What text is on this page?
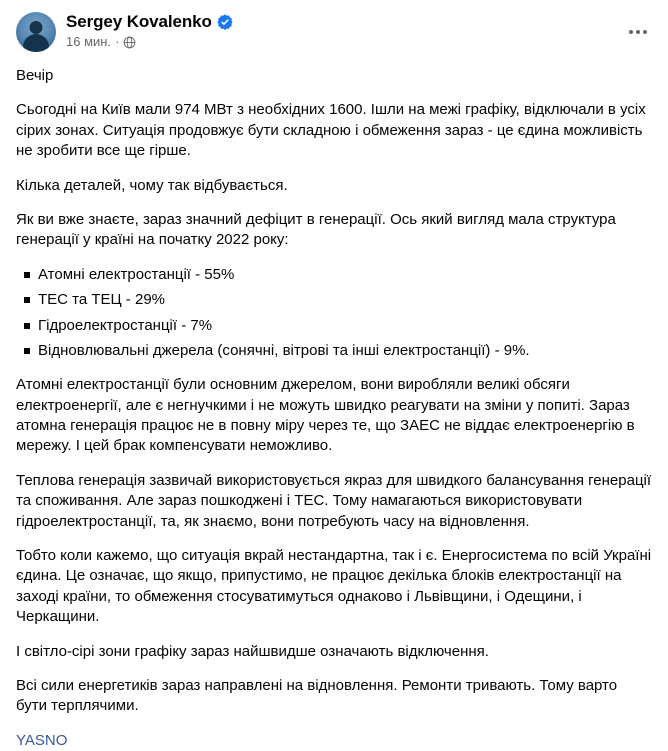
Sergey Kovalenko
16 мин. ·

Вечір

Сьогодні на Київ мали 974 МВт з необхідних 1600. Ішли на межі графіку, відключали в усіх сірих зонах. Ситуація продовжує бути складною і обмеження зараз - це єдина можливість не зробити все ще гірше.

Кілька деталей, чому так відбувається.

Як ви вже знаєте, зараз значний дефіцит в генерації. Ось який вигляд мала структура генерації у країні на початку 2022 року:

Атомні електростанції - 55%
ТЕС та ТЕЦ - 29%
Гідроелектростанції - 7%
Відновлювальні джерела (сонячні, вітрові та інші електростанції) - 9%.

Атомні електростанції були основним джерелом, вони виробляли великі обсяги електроенергії, але є негнучкими і не можуть швидко реагувати на зміни у попиті. Зараз атомна генерація працює не в повну міру через те, що ЗАЕС не віддає електроенергію в мережу. І цей брак компенсувати неможливо.

Теплова генерація зазвичай використовується якраз для швидкого балансування генерації та споживання. Але зараз пошкоджені і ТЕС. Тому намагаються використовувати гідроелектростанції, та, як знаємо, вони потребують часу на відновлення.

Тобто коли кажемо, що ситуація вкрай нестандартна, так і є. Енергосистема по всій Україні єдина. Це означає, що якщо, припустимо, не працює декілька блоків електростанції на заході країни, то обмеження стосуватимуться однаково і Львівщини, і Одещини, і Черкащини.

І світло-сірі зони графіку зараз найшвидше означають відключення.

Всі сили енергетиків зараз направлені на відновлення. Ремонти тривають. Тому варто бути терплячими.

YASNO
